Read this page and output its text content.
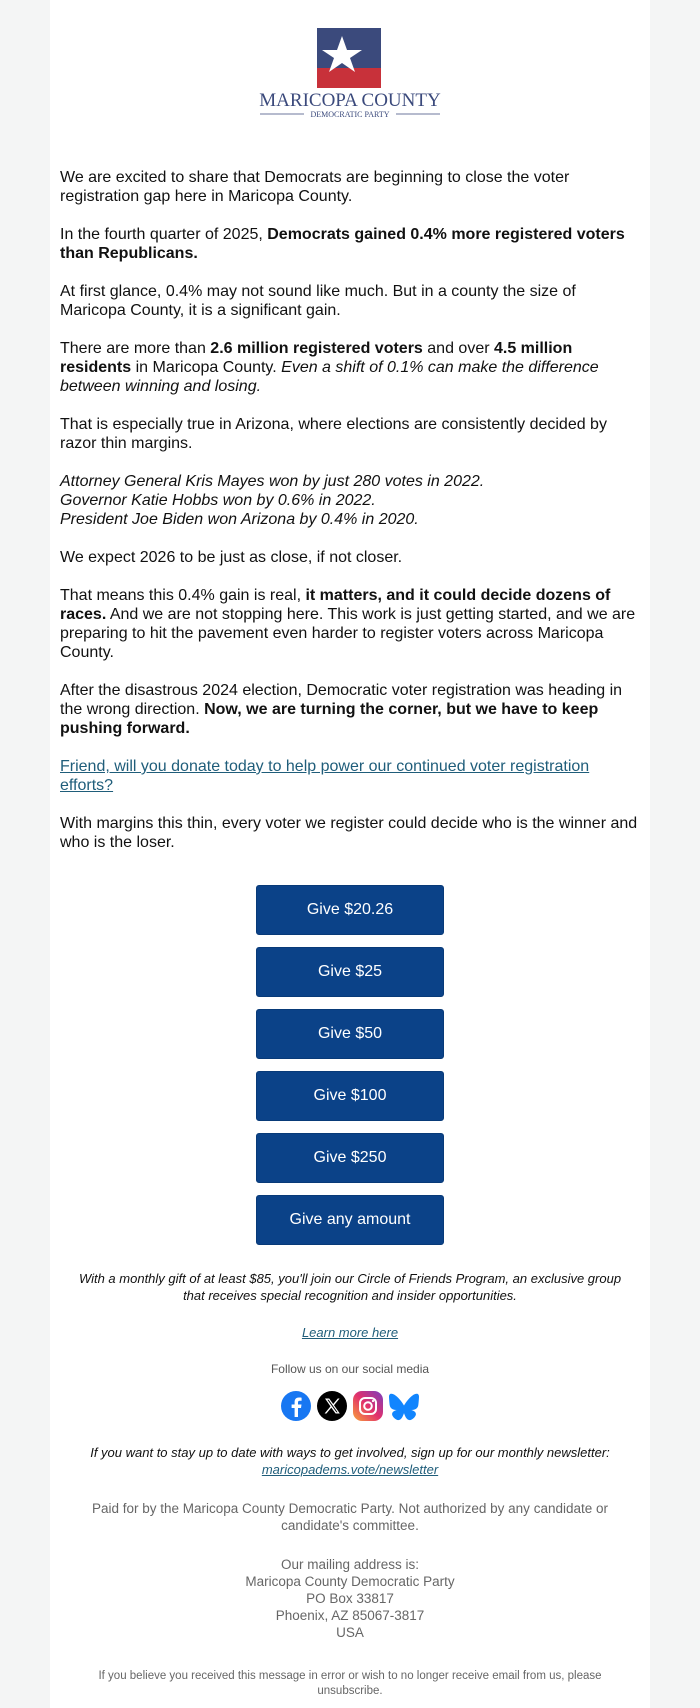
MARICOPA COUNTY
DEMOCRATIC PARTY

We are excited to share that Democrats are beginning to close the voter registration gap here in Maricopa County.

In the fourth quarter of 2025, Democrats gained 0.4% more registered voters than Republicans.

At first glance, 0.4% may not sound like much. But in a county the size of Maricopa County, it is a significant gain.

There are more than 2.6 million registered voters and over 4.5 million residents in Maricopa County. Even a shift of 0.1% can make the difference between winning and losing.

That is especially true in Arizona, where elections are consistently decided by razor thin margins.

Attorney General Kris Mayes won by just 280 votes in 2022.
Governor Katie Hobbs won by 0.6% in 2022.
President Joe Biden won Arizona by 0.4% in 2020.

We expect 2026 to be just as close, if not closer.

That means this 0.4% gain is real, it matters, and it could decide dozens of races. And we are not stopping here. This work is just getting started, and we are preparing to hit the pavement even harder to register voters across Maricopa County.

After the disastrous 2024 election, Democratic voter registration was heading in the wrong direction. Now, we are turning the corner, but we have to keep pushing forward.

Friend, will you donate today to help power our continued voter registration efforts?

With margins this thin, every voter we register could decide who is the winner and who is the loser.

Give $20.26
Give $25
Give $50
Give $100
Give $250
Give any amount

With a monthly gift of at least $85, you'll join our Circle of Friends Program, an exclusive group that receives special recognition and insider opportunities.

Learn more here

Follow us on our social media

If you want to stay up to date with ways to get involved, sign up for our monthly newsletter: maricopadems.vote/newsletter

Paid for by the Maricopa County Democratic Party. Not authorized by any candidate or candidate's committee.

Our mailing address is:
Maricopa County Democratic Party
PO Box 33817
Phoenix, AZ 85067-3817
USA

If you believe you received this message in error or wish to no longer receive email from us, please unsubscribe.
